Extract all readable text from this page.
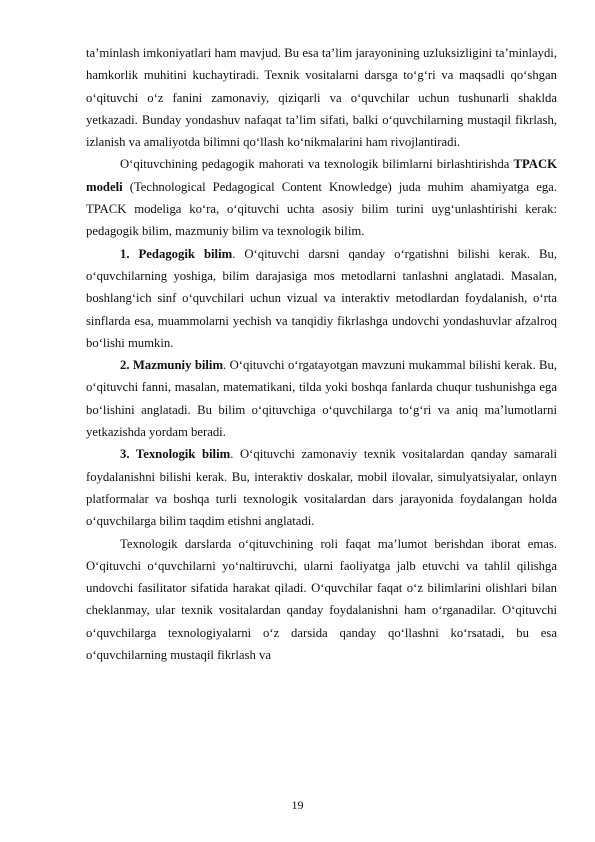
ta’minlash imkoniyatlari ham mavjud. Bu esa ta’lim jarayonining uzluksizligini ta’minlaydi, hamkorlik muhitini kuchaytiradi. Texnik vositalarni darsga to‘g‘ri va maqsadli qo‘shgan o‘qituvchi o‘z fanini zamonaviy, qiziqarli va o‘quvchilar uchun tushunarli shaklda yetkazadi. Bunday yondashuv nafaqat ta’lim sifati, balki o‘quvchilarning mustaqil fikrlash, izlanish va amaliyotda bilimni qo‘llash ko‘nikmalarini ham rivojlantiradi.

O‘qituvchining pedagogik mahorati va texnologik bilimlarni birlashtirishda TPACK modeli (Technological Pedagogical Content Knowledge) juda muhim ahamiyatga ega. TPACK modeliga ko‘ra, o‘qituvchi uchta asosiy bilim turini uyg‘unlashtirishi kerak: pedagogik bilim, mazmuniy bilim va texnologik bilim.

1. Pedagogik bilim. O‘qituvchi darsni qanday o‘rgatishni bilishi kerak. Bu, o‘quvchilarning yoshiga, bilim darajasiga mos metodlarni tanlashni anglatadi. Masalan, boshlang‘ich sinf o‘quvchilari uchun vizual va interaktiv metodlardan foydalanish, o‘rta sinflarda esa, muammolarni yechish va tanqidiy fikrlashga undovchi yondashuvlar afzalroq bo‘lishi mumkin.

2. Mazmuniy bilim. O‘qituvchi o‘rgatayotgan mavzuni mukammal bilishi kerak. Bu, o‘qituvchi fanni, masalan, matematikani, tilda yoki boshqa fanlarda chuqur tushunishga ega bo‘lishini anglatadi. Bu bilim o‘qituvchiga o‘quvchilarga to‘g‘ri va aniq ma’lumotlarni yetkazishda yordam beradi.

3. Texnologik bilim. O‘qituvchi zamonaviy texnik vositalardan qanday samarali foydalanishni bilishi kerak. Bu, interaktiv doskalar, mobil ilovalar, simulyatsiyalar, onlayn platformalar va boshqa turli texnologik vositalardan dars jarayonida foydalangan holda o‘quvchilarga bilim taqdim etishni anglatadi.

Texnologik darslarda o‘qituvchining roli faqat ma’lumot berishdan iborat emas. O‘qituvchi o‘quvchilarni yo‘naltiruvchi, ularni faoliyatga jalb etuvchi va tahlil qilishga undovchi fasilitator sifatida harakat qiladi. O‘quvchilar faqat o‘z bilimlarini olishlari bilan cheklanmay, ular texnik vositalardan qanday foydalanishni ham o‘rganadilar. O‘qituvchi o‘quvchilarga texnologiyalarni o‘z darsida qanday qo‘llashni ko‘rsatadi, bu esa o‘quvchilarning mustaqil fikrlash va

19
